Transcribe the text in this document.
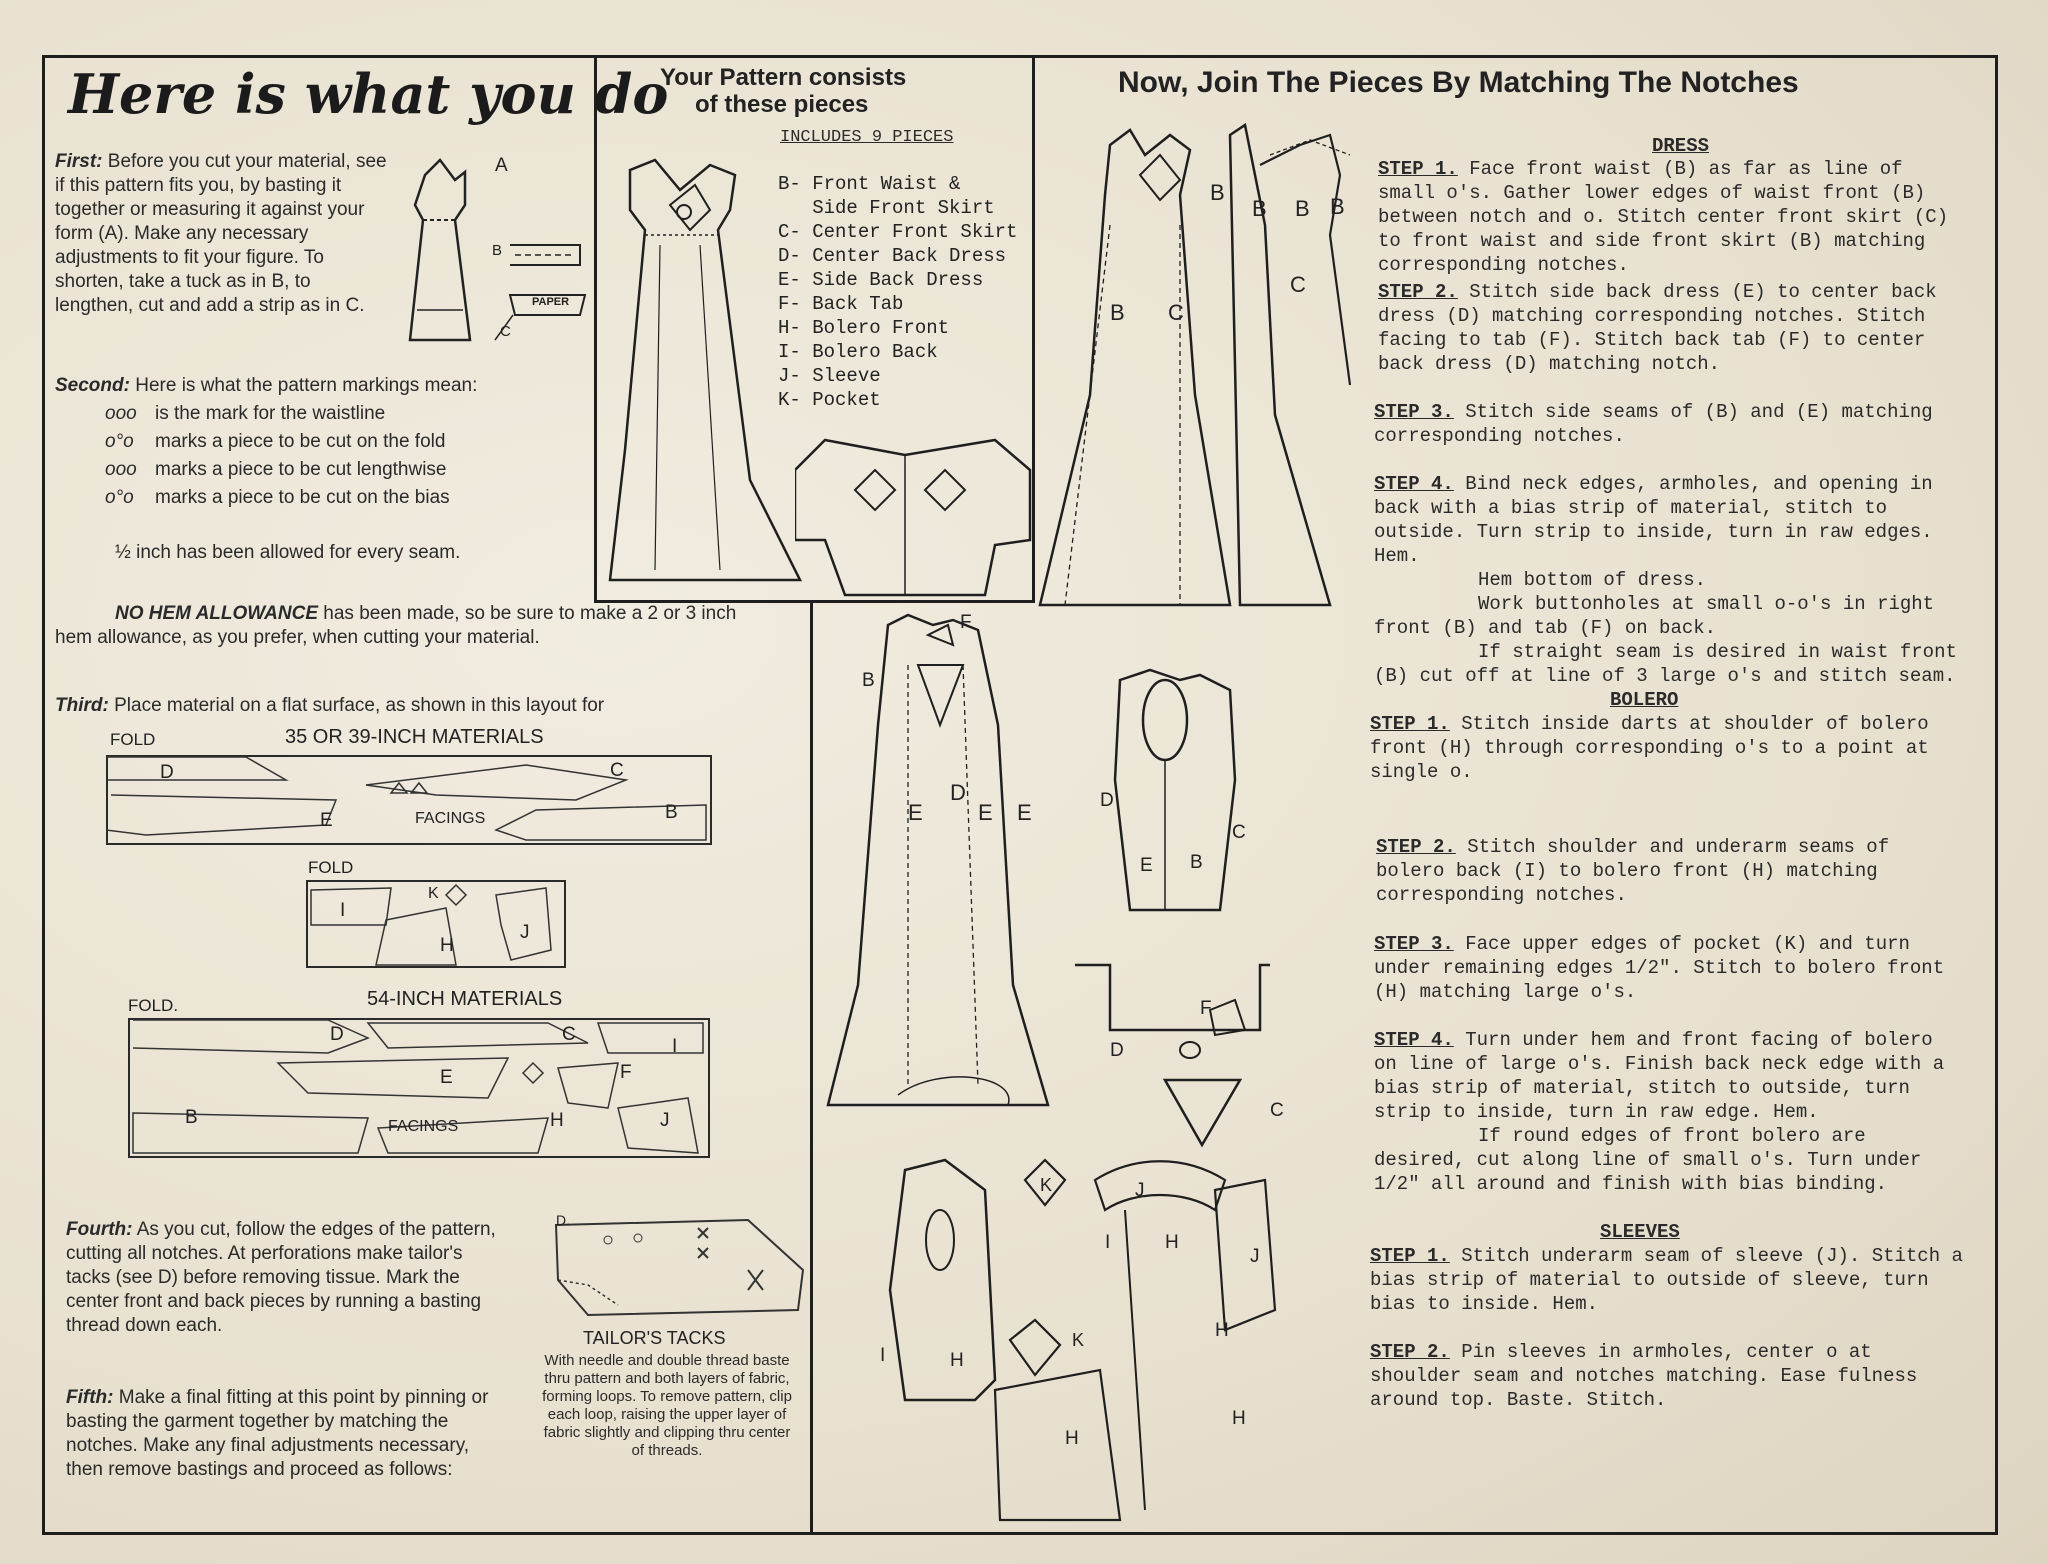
Here is what you do
First: Before you cut your material, see if this pattern fits you, by basting it together or measuring it against your form (A). Make any necessary adjustments to fit your figure. To shorten, take a tuck as in B, to lengthen, cut and add a strip as in C.
A
B
C
PAPER
Second: Here is what the pattern markings mean:
ooo is the mark for the waistline
o°o marks a piece to be cut on the fold
ooo marks a piece to be cut lengthwise
o°o marks a piece to be cut on the bias
½ inch has been allowed for every seam.
NO HEM ALLOWANCE has been made, so be sure to make a 2 or 3 inch hem allowance, as you prefer, when cutting your material.
Third: Place material on a flat surface, as shown in this layout for
FOLD	35 OR 39-INCH MATERIALS
D	C
E	B
FACINGS
FOLD
I
K
H
J
FOLD.	54-INCH MATERIALS
D	C
I
E	F
B	FACINGS	H	J
Fourth: As you cut, follow the edges of the pattern, cutting all notches. At perforations make tailor's tacks (see D) before removing tissue. Mark the center front and back pieces by running a basting thread down each.
Fifth: Make a final fitting at this point by pinning or basting the garment together by matching the notches. Make any final adjustments necessary, then remove bastings and proceed as follows:
D.
TAILOR'S TACKS
With needle and double thread baste thru pattern and both layers of fabric, forming loops. To remove pattern, clip each loop, raising the upper layer of fabric slightly and clipping thru center of threads.
Your Pattern consists
of these pieces
INCLUDES 9 PIECES
B- Front Waist &
Side Front Skirt
C- Center Front Skirt
D- Center Back Dress
E- Side Back Dress
F- Back Tab
H- Bolero Front
I- Bolero Back
J- Sleeve
K- Pocket
Now, Join The Pieces By Matching The Notches
B C
B
B B
C
B
F
B
E
D
E E	D
E B
C
F
D
C
K	J
I	H
J
K
I	H
H
H
H
DRESS
STEP 1. Face front waist (B) as far as line of small o's. Gather lower edges of waist front (B) between notch and o. Stitch center front skirt (C) to front waist and side front skirt (B) matching corresponding notches.
STEP 2. Stitch side back dress (E) to center back dress (D) matching corresponding notches. Stitch facing to tab (F). Stitch back tab (F) to center back dress (D) matching notch.
STEP 3. Stitch side seams of (B) and (E) matching corresponding notches.
STEP 4. Bind neck edges, armholes, and opening in back with a bias strip of material, stitch to outside. Turn strip to inside, turn in raw edges. Hem.
Hem bottom of dress.
Work buttonholes at small o-o's in right front (B) and tab (F) on back.
If straight seam is desired in waist front (B) cut off at line of 3 large o's and stitch seam.
BOLERO
STEP 1. Stitch inside darts at shoulder of bolero front (H) through corresponding o's to a point at single o.
STEP 2. Stitch shoulder and underarm seams of bolero back (I) to bolero front (H) matching corresponding notches.
STEP 3. Face upper edges of pocket (K) and turn under remaining edges 1/2". Stitch to bolero front (H) matching large o's.
STEP 4. Turn under hem and front facing of bolero on line of large o's. Finish back neck edge with a bias strip of material, stitch to outside, turn strip to inside, turn in raw edge. Hem.
If round edges of front bolero are desired, cut along line of small o's. Turn under 1/2" all around and finish with bias binding.
SLEEVES
STEP 1. Stitch underarm seam of sleeve (J). Stitch a bias strip of material to outside of sleeve, turn bias to inside. Hem.
STEP 2. Pin sleeves in armholes, center o at shoulder seam and notches matching. Ease fulness around top. Baste. Stitch.
